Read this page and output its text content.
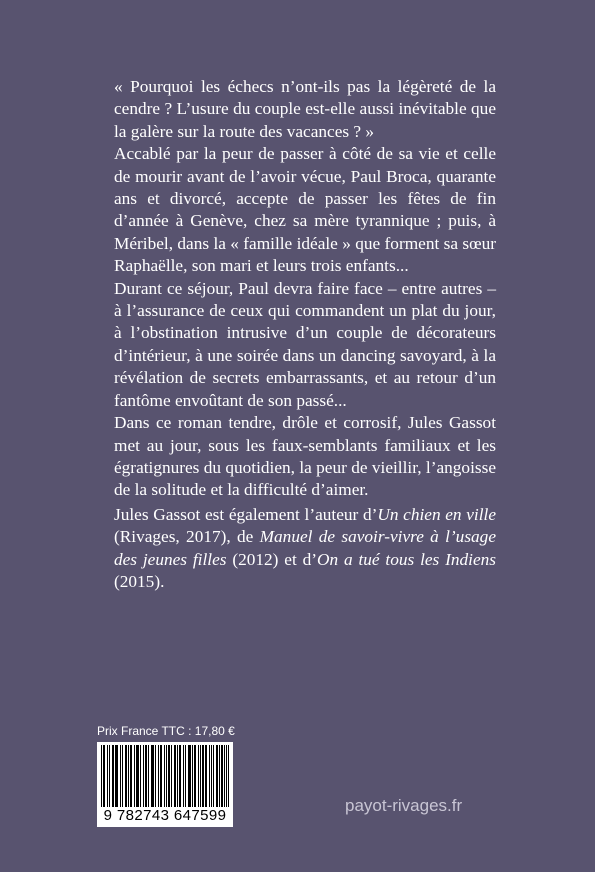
« Pourquoi les échecs n’ont-ils pas la légèreté de la cendre ? L’usure du couple est-elle aussi inévitable que la galère sur la route des vacances ? »

Accablé par la peur de passer à côté de sa vie et celle de mourir avant de l’avoir vécue, Paul Broca, quarante ans et divorcé, accepte de passer les fêtes de fin d’année à Genève, chez sa mère tyrannique ; puis, à Méribel, dans la « famille idéale » que forment sa sœur Raphaëlle, son mari et leurs trois enfants...

Durant ce séjour, Paul devra faire face – entre autres – à l’assurance de ceux qui commandent un plat du jour, à l’obstination intrusive d’un couple de décorateurs d’intérieur, à une soirée dans un dancing savoyard, à la révélation de secrets embarrassants, et au retour d’un fantôme envoûtant de son passé...

Dans ce roman tendre, drôle et corrosif, Jules Gassot met au jour, sous les faux-semblants familiaux et les égratignures du quotidien, la peur de vieillir, l’angoisse de la solitude et la difficulté d’aimer.

Jules Gassot est également l’auteur d’Un chien en ville (Rivages, 2017), de Manuel de savoir-vivre à l’usage des jeunes filles (2012) et d’On a tué tous les Indiens (2015).

Prix France TTC : 17,80 €
9 782743 647599
payot-rivages.fr
